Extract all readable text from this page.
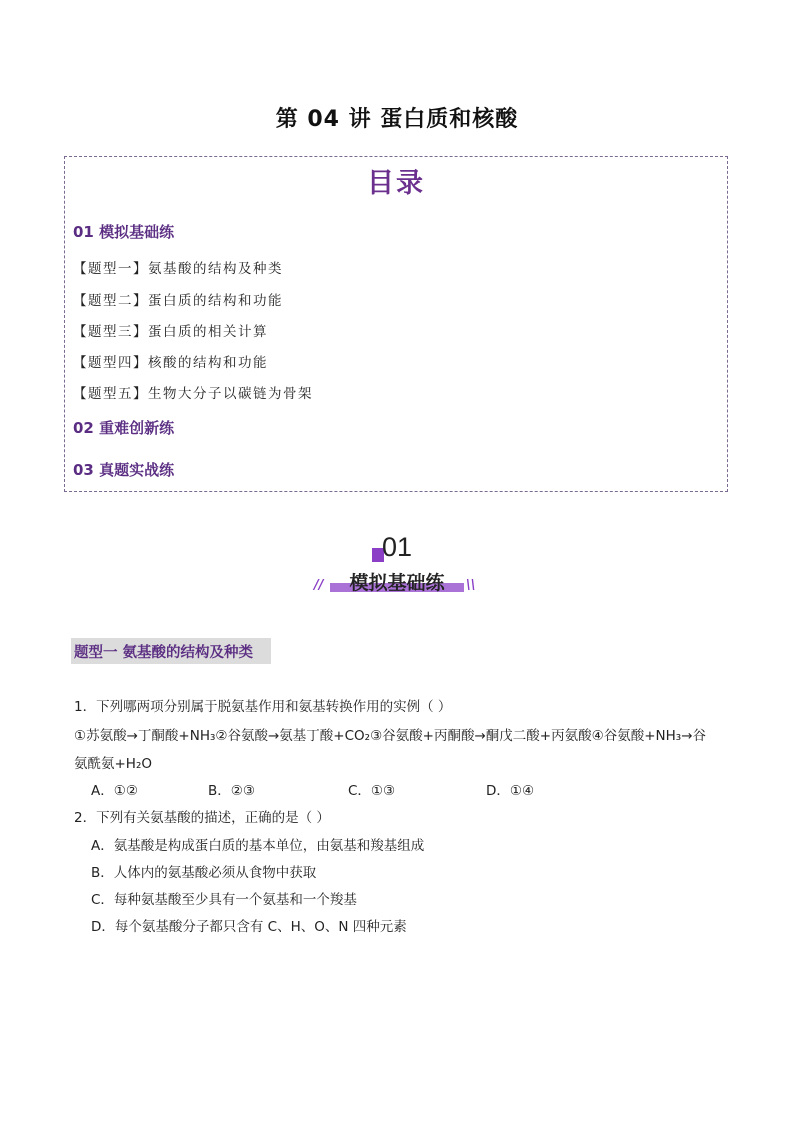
第 04 讲 蛋白质和核酸
目录
01 模拟基础练
【题型一】氨基酸的结构及种类
【题型二】蛋白质的结构和功能
【题型三】蛋白质的相关计算
【题型四】核酸的结构和功能
【题型五】生物大分子以碳链为骨架
02 重难创新练
03 真题实战练
01
//	模拟基础练	\\
题型一 氨基酸的结构及种类
1．下列哪两项分别属于脱氨基作用和氨基转换作用的实例（ ）
①苏氨酸→丁酮酸+NH₃②谷氨酸→氨基丁酸+CO₂③谷氨酸+丙酮酸→酮戊二酸+丙氨酸④谷氨酸+NH₃→谷
氨酰氨+H₂O
A．①②	B．②③	C．①③	D．①④
2．下列有关氨基酸的描述，正确的是（ ）
A．氨基酸是构成蛋白质的基本单位，由氨基和羧基组成
B．人体内的氨基酸必须从食物中获取
C．每种氨基酸至少具有一个氨基和一个羧基
D．每个氨基酸分子都只含有 C、H、O、N 四种元素
